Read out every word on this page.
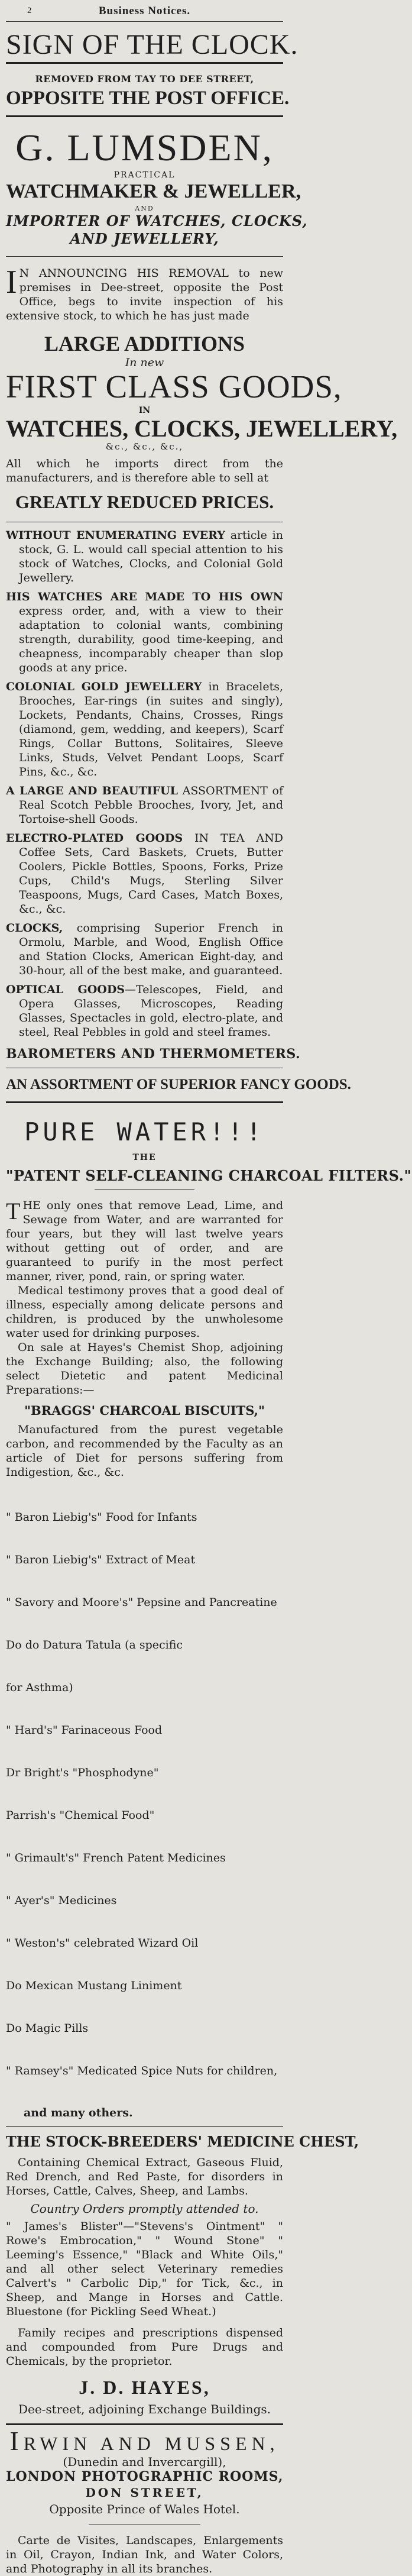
2	Business Notices.
SIGN OF THE CLOCK.
REMOVED FROM TAY TO DEE STREET,
OPPOSITE THE POST OFFICE.
G. LUMSDEN,
PRACTICAL
WATCHMAKER & JEWELLER,
AND
IMPORTER OF WATCHES, CLOCKS,
AND JEWELLERY,

I N ANNOUNCING HIS REMOVAL to new premises in Dee-street, opposite the Post Office, begs to invite inspection of his extensive stock, to which he has just made

LARGE ADDITIONS
In new
FIRST CLASS GOODS,
IN
WATCHES, CLOCKS, JEWELLERY,
&c., &c., &c.,

All which he imports direct from the manufacturers, and is therefore able to sell at

GREATLY REDUCED PRICES.

WITHOUT ENUMERATING EVERY article in stock, G. L. would call special attention to his stock of Watches, Clocks, and Colonial Gold Jewellery.

HIS WATCHES ARE MADE TO HIS OWN express order, and, with a view to their adaptation to colonial wants, combining strength, durability, good time-keeping, and cheapness, incomparably cheaper than slop goods at any price.

COLONIAL GOLD JEWELLERY in Bracelets, Brooches, Ear-rings (in suites and singly), Lockets, Pendants, Chains, Crosses, Rings (diamond, gem, wedding, and keepers), Scarf Rings, Collar Buttons, Solitaires, Sleeve Links, Studs, Velvet Pendant Loops, Scarf Pins, &c., &c.

A LARGE AND BEAUTIFUL ASSORTMENT of Real Scotch Pebble Brooches, Ivory, Jet, and Tortoise-shell Goods.

ELECTRO-PLATED GOODS IN TEA AND Coffee Sets, Card Baskets, Cruets, Butter Coolers, Pickle Bottles, Spoons, Forks, Prize Cups, Child's Mugs, Sterling Silver Teaspoons, Mugs, Card Cases, Match Boxes, &c., &c.

CLOCKS, comprising Superior French in Ormolu, Marble, and Wood, English Office and Station Clocks, American Eight-day, and 30-hour, all of the best make, and guaranteed.

OPTICAL GOODS—Telescopes, Field, and Opera Glasses, Microscopes, Reading Glasses, Spectacles in gold, electro-plate, and steel, Real Pebbles in gold and steel frames.

BAROMETERS AND THERMOMETERS.
AN ASSORTMENT OF SUPERIOR FANCY GOODS.
PURE WATER!!!
THE
"PATENT SELF-CLEANING CHARCOAL FILTERS."

THE only ones that remove Lead, Lime, and Sewage from Water, and are warranted for four years, but they will last twelve years without getting out of order, and are guaranteed to purify in the most perfect manner, river, pond, rain, or spring water.

Medical testimony proves that a good deal of illness, especially among delicate persons and children, is produced by the unwholesome water used for drinking purposes.

On sale at Hayes's Chemist Shop, adjoining the Exchange Building; also, the following select Dietetic and patent Medicinal Preparations:—

"BRAGGS' CHARCOAL BISCUITS,"

Manufactured from the purest vegetable carbon, and recommended by the Faculty as an article of Diet for persons suffering from Indigestion, &c., &c.

" Baron Liebig's" Food for Infants

" Baron Liebig's" Extract of Meat

" Savory and Moore's" Pepsine and Pancreatine

Do do Datura Tatula (a specific

for Asthma)

" Hard's" Farinaceous Food

Dr Bright's "Phosphodyne"

Parrish's "Chemical Food"

" Grimault's" French Patent Medicines

" Ayer's" Medicines

" Weston's" celebrated Wizard Oil

Do Mexican Mustang Liniment

Do Magic Pills

" Ramsey's" Medicated Spice Nuts for children,

and many others.
THE STOCK-BREEDERS' MEDICINE CHEST,

Containing Chemical Extract, Gaseous Fluid, Red Drench, and Red Paste, for disorders in Horses, Cattle, Calves, Sheep, and Lambs.

Country Orders promptly attended to.

" James's Blister"—"Stevens's Ointment" " Rowe's Embrocation," " Wound Stone" " Leeming's Essence," "Black and White Oils," and all other select Veterinary remedies Calvert's " Carbolic Dip," for Tick, &c., in Sheep, and Mange in Horses and Cattle. Bluestone (for Pickling Seed Wheat.)

Family recipes and prescriptions dispensed and compounded from Pure Drugs and Chemicals, by the proprietor.

J. D. HAYES,
Dee-street, adjoining Exchange Buildings.
IRWIN AND MUSSEN,
(Dunedin and Invercargill),
LONDON PHOTOGRAPHIC ROOMS,
DON STREET,
Opposite Prince of Wales Hotel.

Carte de Visites, Landscapes, Enlargements in Oil, Crayon, Indian Ink, and Water Colors, and Photography in all its branches.
